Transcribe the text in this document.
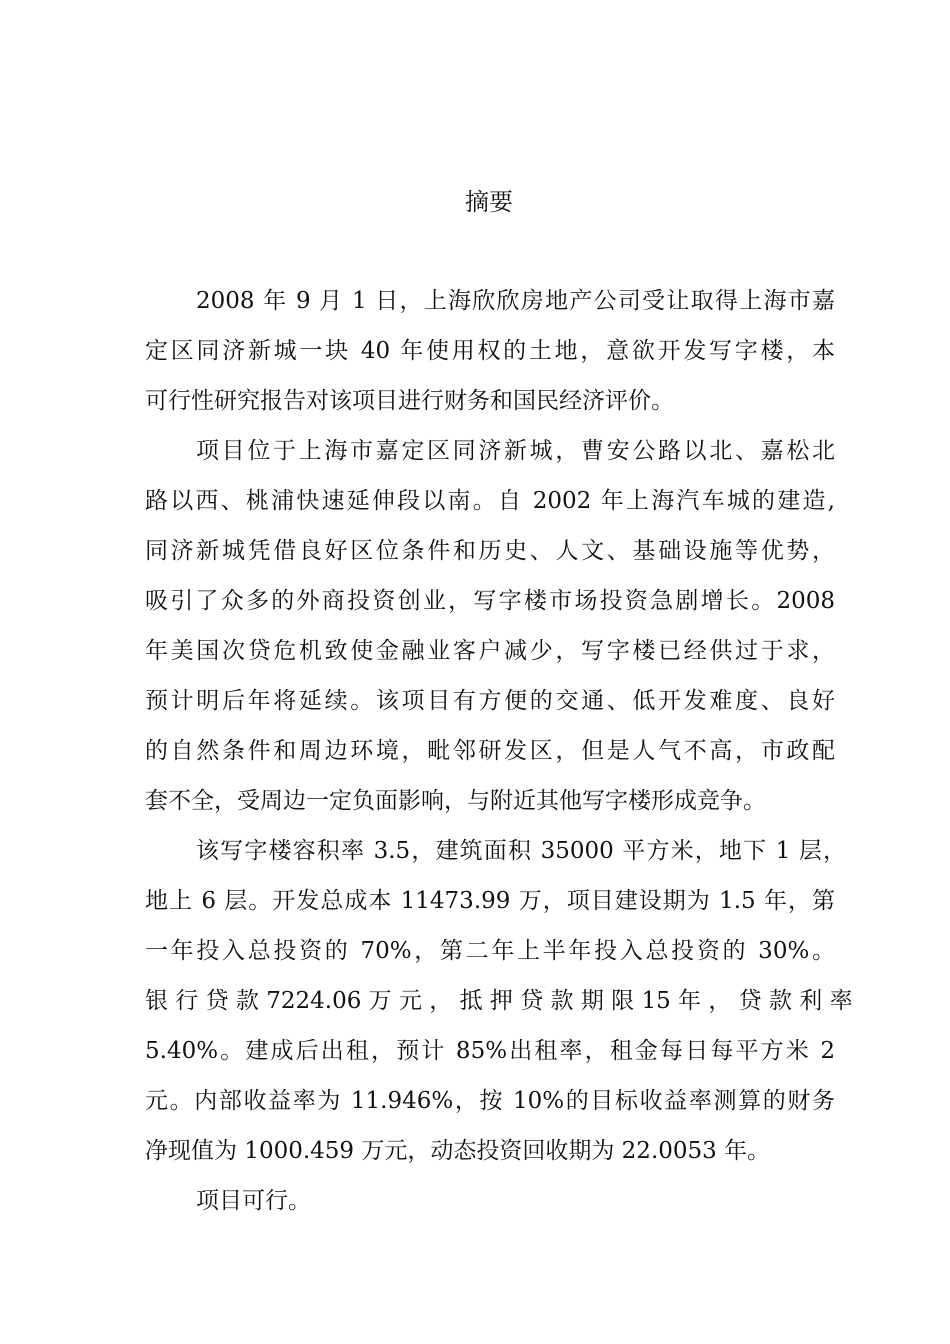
摘要
2008 年 9 月 1 日，上海欣欣房地产公司受让取得上海市嘉
定区同济新城一块 40 年使用权的土地，意欲开发写字楼，本
可行性研究报告对该项目进行财务和国民经济评价。
项目位于上海市嘉定区同济新城，曹安公路以北、嘉松北
路以西、桃浦快速延伸段以南。自 2002 年上海汽车城的建造,
同济新城凭借良好区位条件和历史、人文、基础设施等优势，
吸引了众多的外商投资创业，写字楼市场投资急剧增长。2008
年美国次贷危机致使金融业客户减少，写字楼已经供过于求，
预计明后年将延续。该项目有方便的交通、低开发难度、良好
的自然条件和周边环境，毗邻研发区，但是人气不高，市政配
套不全，受周边一定负面影响，与附近其他写字楼形成竞争。
该写字楼容积率 3.5，建筑面积 35000 平方米，地下 1 层，
地上 6 层。开发总成本 11473.99 万，项目建设期为 1.5 年，第
一年投入总投资的 70%，第二年上半年投入总投资的 30%。
银 行 贷 款 7224.06 万 元 ， 抵 押 贷 款 期 限 15 年 ， 贷 款 利 率
5.40%。建成后出租，预计 85%出租率，租金每日每平方米 2
元。内部收益率为 11.946%，按 10%的目标收益率测算的财务
净现值为 1000.459 万元，动态投资回收期为 22.0053 年。
项目可行。
